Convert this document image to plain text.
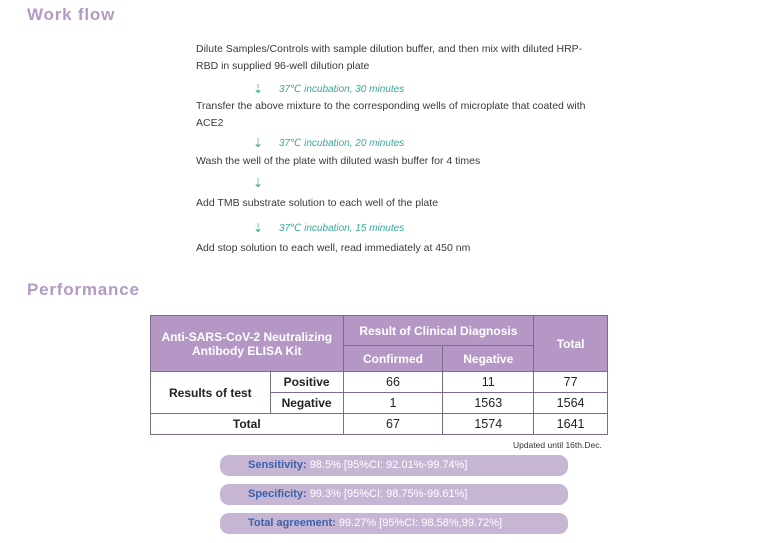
Work flow

Dilute Samples/Controls with sample dilution buffer, and then mix with diluted HRP-RBD in supplied 96-well dilution plate

⇣ 37℃ incubation, 30 minutes

Transfer the above mixture to the corresponding wells of microplate that coated with ACE2

⇣ 37℃ incubation, 20 minutes

Wash the well of the plate with diluted wash buffer for 4 times

⇣

Add TMB substrate solution to each well of the plate

⇣ 37℃ incubation, 15 minutes

Add stop solution to each well, read immediately at 450 nm

Performance
Anti-SARS-CoV-2 Neutralizing Antibody ELISA Kit		Result of Clinical Diagnosis		Total
		Confirmed	Negative	
Results of test	Positive	66	11	77
	Negative	1	1563	1564
Total		67	1574	1641
Updated until 16th.Dec.
Sensitivity: 98.5% [95%CI: 92.01%-99.74%]
Specificity: 99.3% [95%CI: 98.75%-99.61%]
Total agreement: 99.27% [95%CI: 98.58%,99.72%]
